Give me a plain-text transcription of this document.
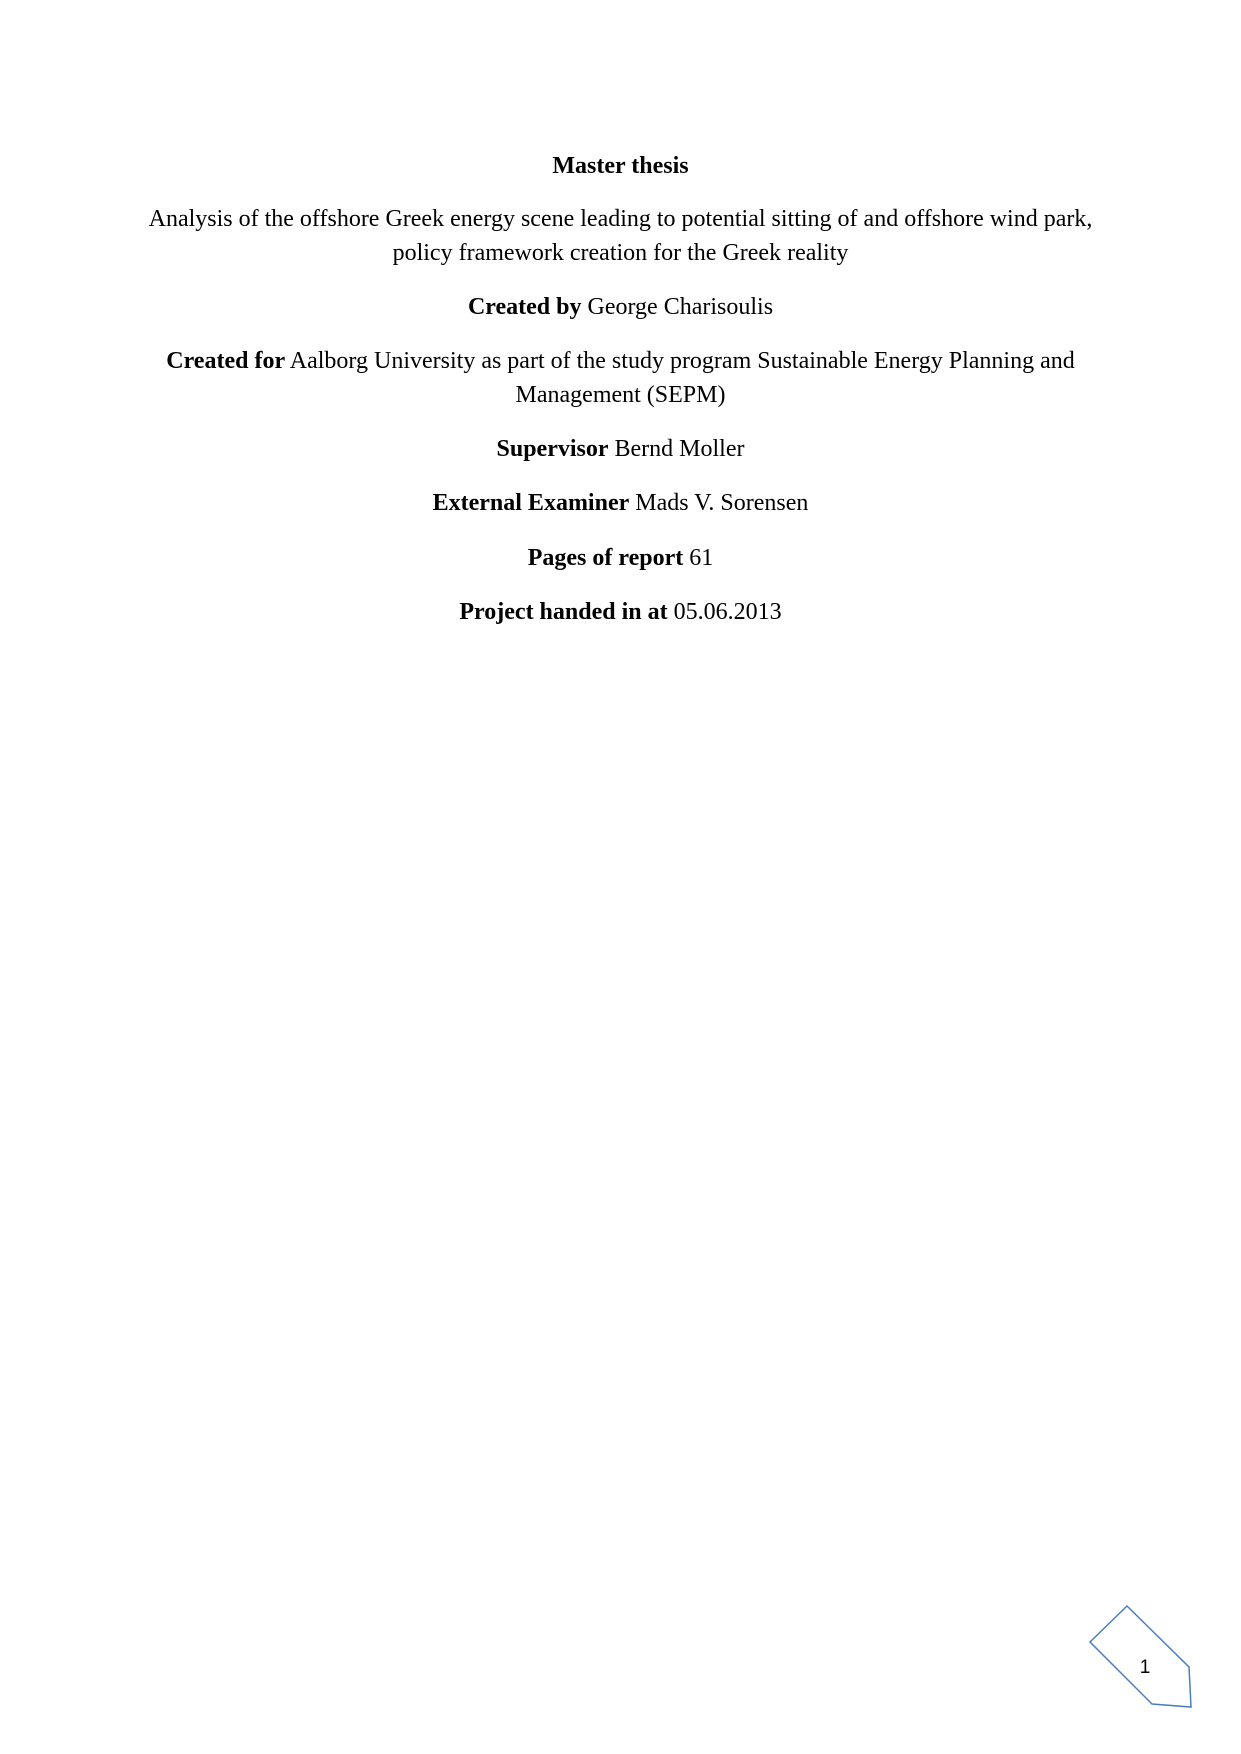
Master thesis
Analysis of the offshore Greek energy scene leading to potential sitting of and offshore wind park,
policy framework creation for the Greek reality
Created by George Charisoulis
Created for Aalborg University as part of the study program Sustainable Energy Planning and
Management (SEPM)
Supervisor Bernd Moller
External Examiner Mads V. Sorensen
Pages of report 61
Project handed in at 05.06.2013
1
